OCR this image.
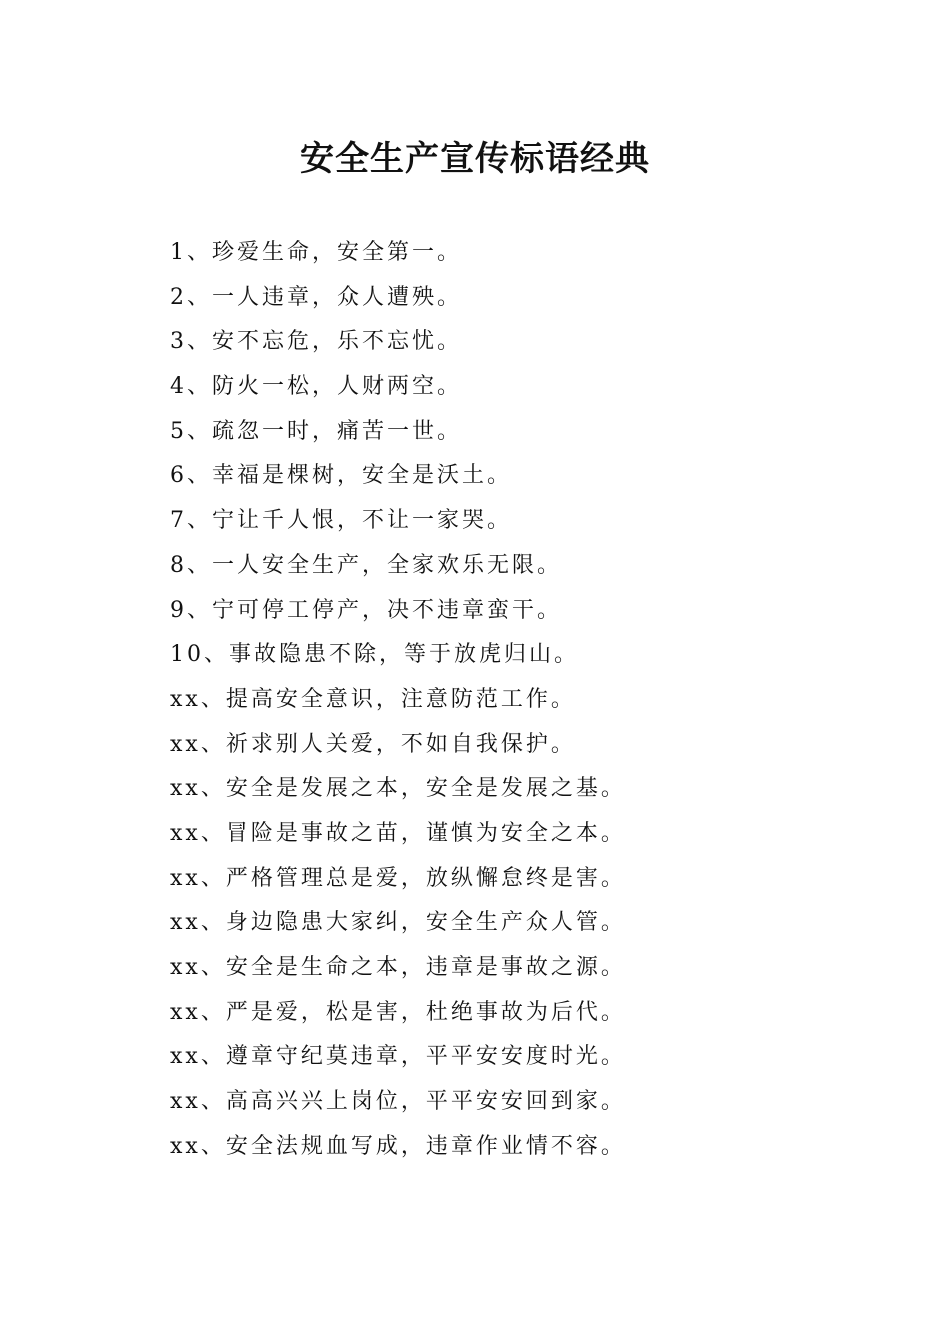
安全生产宣传标语经典
1、珍爱生命，安全第一。
2、一人违章，众人遭殃。
3、安不忘危，乐不忘忧。
4、防火一松，人财两空。
5、疏忽一时，痛苦一世。
6、幸福是棵树，安全是沃土。
7、宁让千人恨，不让一家哭。
8、一人安全生产，全家欢乐无限。
9、宁可停工停产，决不违章蛮干。
10、事故隐患不除，等于放虎归山。
xx、提高安全意识，注意防范工作。
xx、祈求别人关爱，不如自我保护。
xx、安全是发展之本，安全是发展之基。
xx、冒险是事故之苗，谨慎为安全之本。
xx、严格管理总是爱，放纵懈怠终是害。
xx、身边隐患大家纠，安全生产众人管。
xx、安全是生命之本，违章是事故之源。
xx、严是爱，松是害，杜绝事故为后代。
xx、遵章守纪莫违章，平平安安度时光。
xx、高高兴兴上岗位，平平安安回到家。
xx、安全法规血写成，违章作业情不容。
